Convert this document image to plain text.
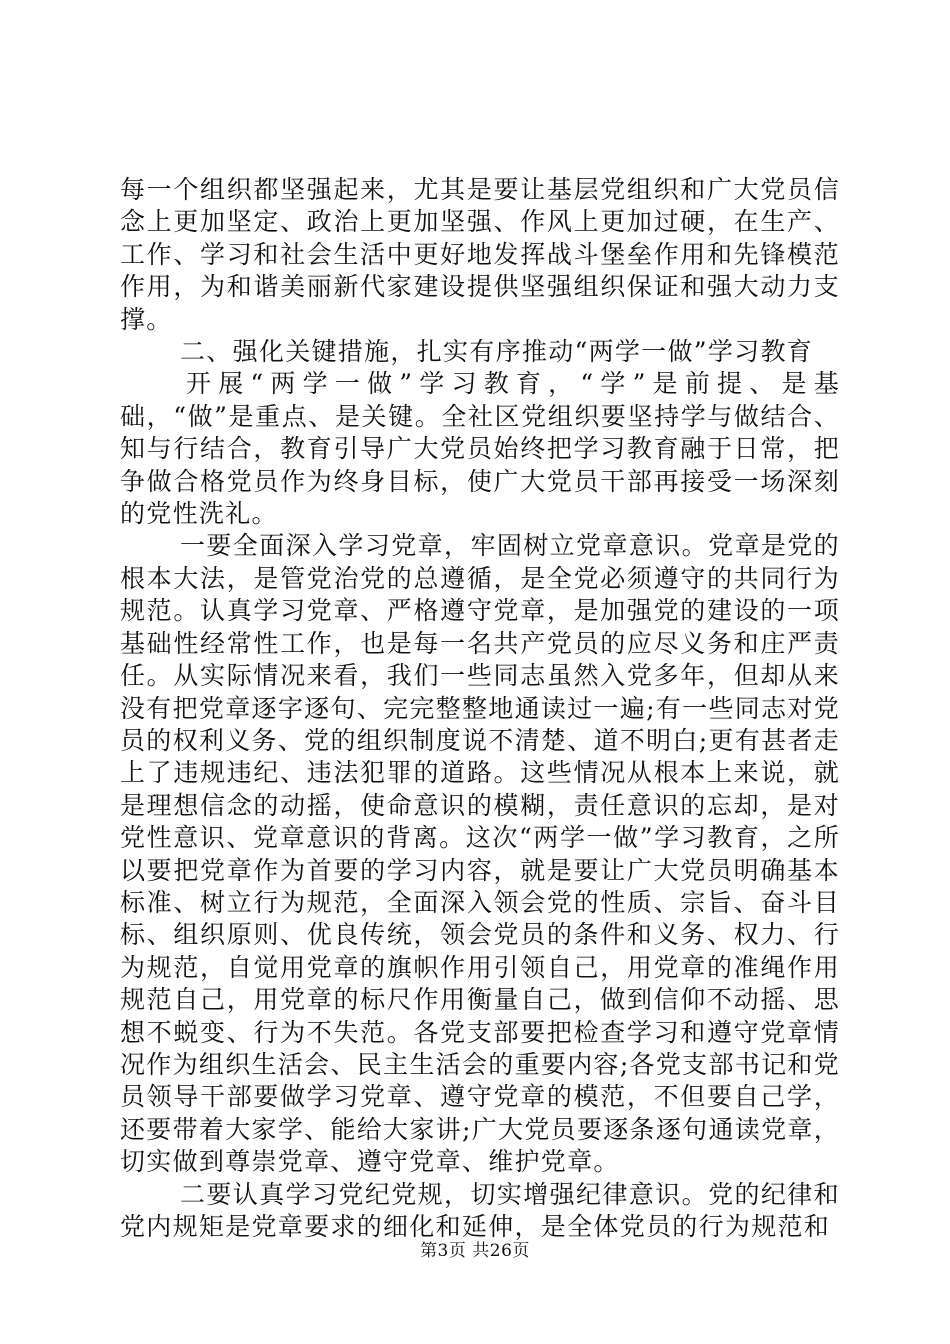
每一个组织都坚强起来，尤其是要让基层党组织和广大党员信念上更加坚定、政治上更加坚强、作风上更加过硬，在生产、工作、学习和社会生活中更好地发挥战斗堡垒作用和先锋模范作用，为和谐美丽新代家建设提供坚强组织保证和强大动力支撑。

二、强化关键措施，扎实有序推动“两学一做”学习教育

开展“两学一做”学习教育，“学”是前提、是基础，“做”是重点、是关键。全社区党组织要坚持学与做结合、知与行结合，教育引导广大党员始终把学习教育融于日常，把争做合格党员作为终身目标，使广大党员干部再接受一场深刻的党性洗礼。

一要全面深入学习党章，牢固树立党章意识。党章是党的根本大法，是管党治党的总遵循，是全党必须遵守的共同行为规范。认真学习党章、严格遵守党章，是加强党的建设的一项基础性经常性工作，也是每一名共产党员的应尽义务和庄严责任。从实际情况来看，我们一些同志虽然入党多年，但却从来没有把党章逐字逐句、完完整整地通读过一遍;有一些同志对党员的权利义务、党的组织制度说不清楚、道不明白;更有甚者走上了违规违纪、违法犯罪的道路。这些情况从根本上来说，就是理想信念的动摇，使命意识的模糊，责任意识的忘却，是对党性意识、党章意识的背离。这次“两学一做”学习教育，之所以要把党章作为首要的学习内容，就是要让广大党员明确基本标准、树立行为规范，全面深入领会党的性质、宗旨、奋斗目标、组织原则、优良传统，领会党员的条件和义务、权力、行为规范，自觉用党章的旗帜作用引领自己，用党章的准绳作用规范自己，用党章的标尺作用衡量自己，做到信仰不动摇、思想不蜕变、行为不失范。各党支部要把检查学习和遵守党章情况作为组织生活会、民主生活会的重要内容;各党支部书记和党员领导干部要做学习党章、遵守党章的模范，不但要自己学，还要带着大家学、能给大家讲;广大党员要逐条逐句通读党章，切实做到尊崇党章、遵守党章、维护党章。

二要认真学习党纪党规，切实增强纪律意识。党的纪律和党内规矩是党章要求的细化和延伸，是全体党员的行为规范和

第3页 共26页
